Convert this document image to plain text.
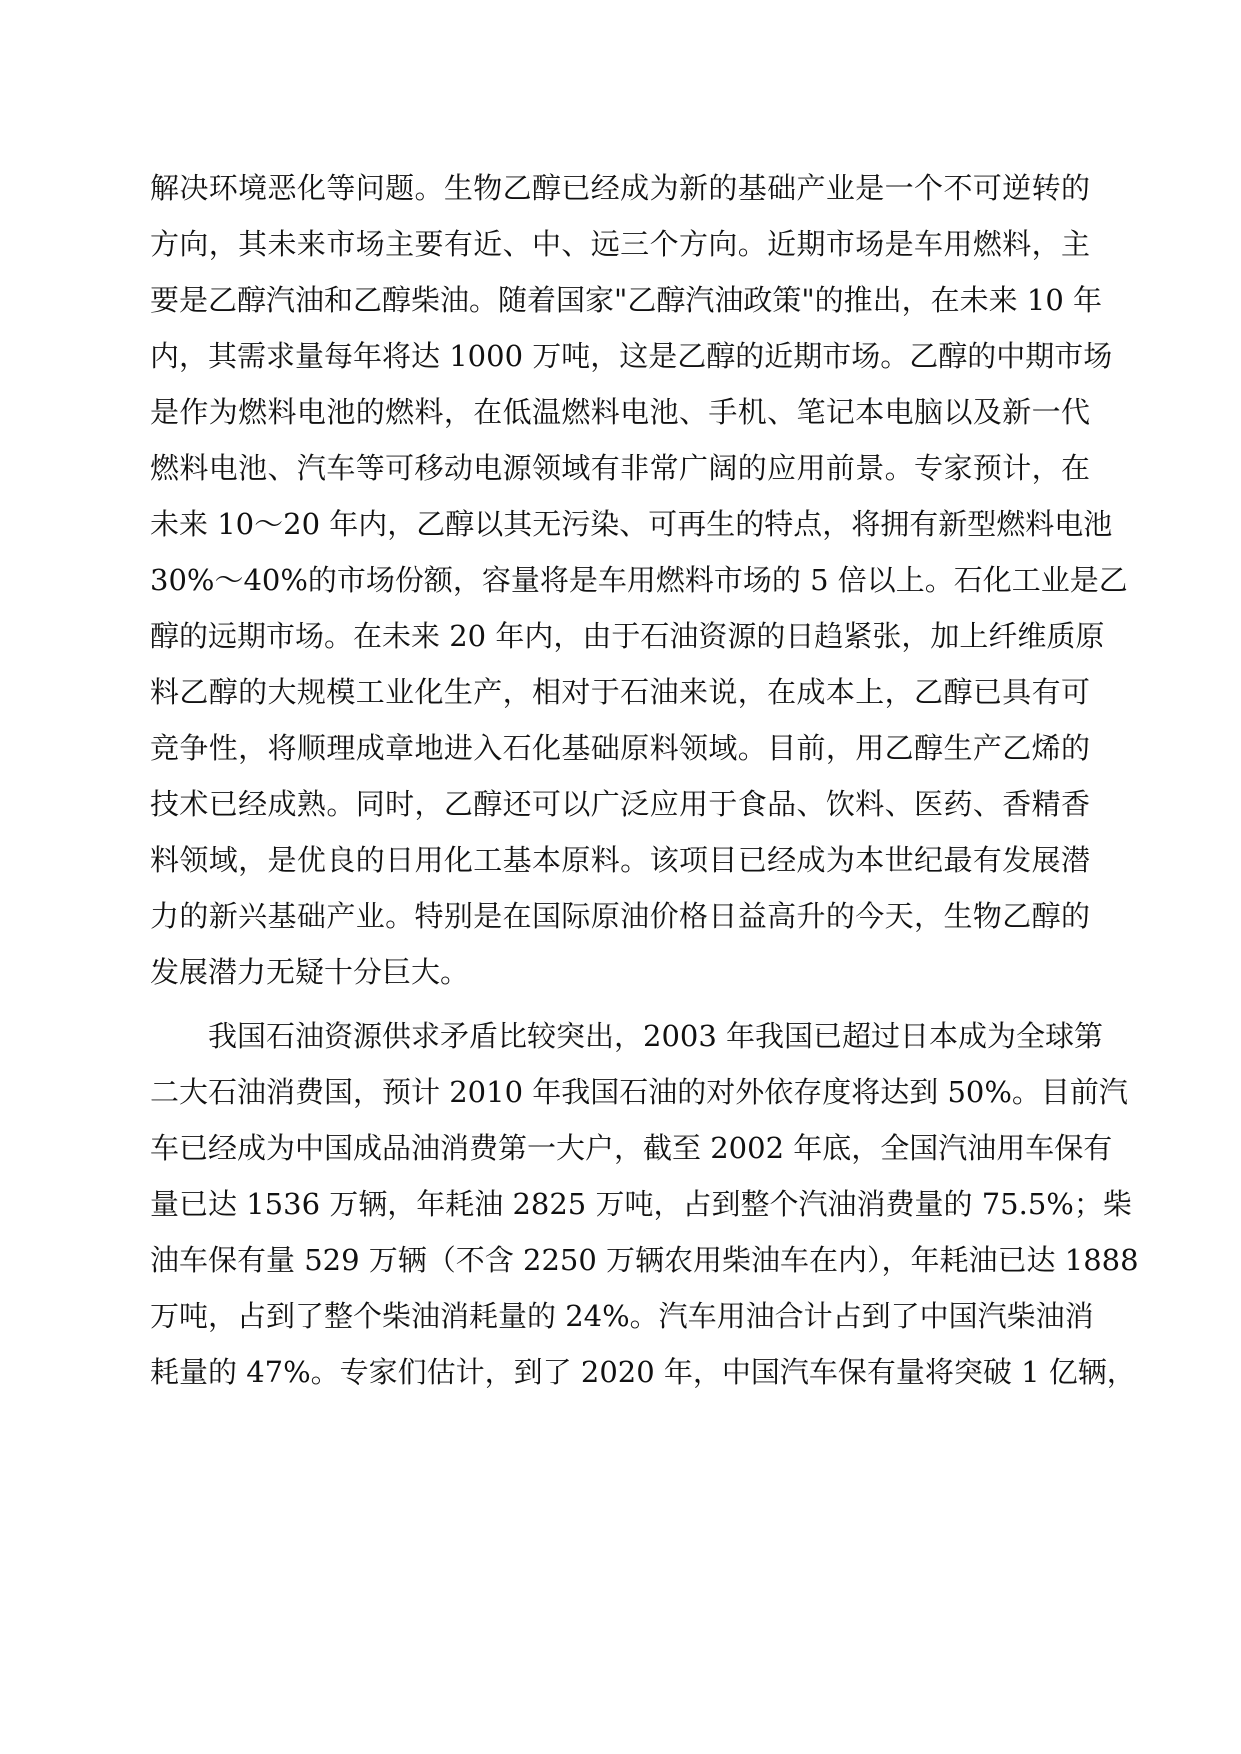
解决环境恶化等问题。生物乙醇已经成为新的基础产业是一个不可逆转的
方向，其未来市场主要有近、中、远三个方向。近期市场是车用燃料，主
要是乙醇汽油和乙醇柴油。随着国家"乙醇汽油政策"的推出，在未来 10 年
内，其需求量每年将达 1000 万吨，这是乙醇的近期市场。乙醇的中期市场
是作为燃料电池的燃料，在低温燃料电池、手机、笔记本电脑以及新一代
燃料电池、汽车等可移动电源领域有非常广阔的应用前景。专家预计，在
未来 10～20 年内，乙醇以其无污染、可再生的特点，将拥有新型燃料电池
30%～40%的市场份额，容量将是车用燃料市场的 5 倍以上。石化工业是乙
醇的远期市场。在未来 20 年内，由于石油资源的日趋紧张，加上纤维质原
料乙醇的大规模工业化生产，相对于石油来说，在成本上，乙醇已具有可
竞争性，将顺理成章地进入石化基础原料领域。目前，用乙醇生产乙烯的
技术已经成熟。同时，乙醇还可以广泛应用于食品、饮料、医药、香精香
料领域，是优良的日用化工基本原料。该项目已经成为本世纪最有发展潜
力的新兴基础产业。特别是在国际原油价格日益高升的今天，生物乙醇的
发展潜力无疑十分巨大。
我国石油资源供求矛盾比较突出，2003 年我国已超过日本成为全球第
二大石油消费国，预计 2010 年我国石油的对外依存度将达到 50%。目前汽
车已经成为中国成品油消费第一大户，截至 2002 年底，全国汽油用车保有
量已达 1536 万辆，年耗油 2825 万吨，占到整个汽油消费量的 75.5%；柴
油车保有量 529 万辆（不含 2250 万辆农用柴油车在内），年耗油已达 1888
万吨，占到了整个柴油消耗量的 24%。汽车用油合计占到了中国汽柴油消
耗量的 47%。专家们估计，到了 2020 年，中国汽车保有量将突破 1 亿辆，
